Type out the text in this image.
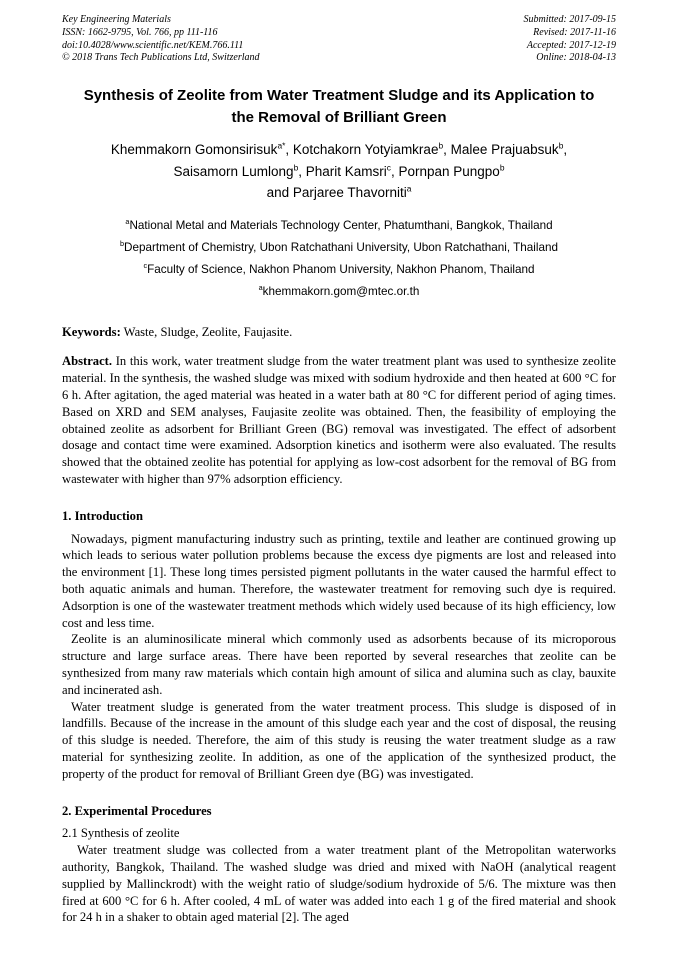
Key Engineering Materials
ISSN: 1662-9795, Vol. 766, pp 111-116
doi:10.4028/www.scientific.net/KEM.766.111
© 2018 Trans Tech Publications Ltd, Switzerland
Submitted: 2017-09-15
Revised: 2017-11-16
Accepted: 2017-12-19
Online: 2018-04-13
Synthesis of Zeolite from Water Treatment Sludge and its Application to
the Removal of Brilliant Green

Khemmakorn Gomonsirisuk$^{a*}$, Kotchakorn Yotyiamkrae$^b$, Malee Prajuabsuk$^b$,
Saisamorn Lumlong$^b$, Pharit Kamsri$^c$, Pornpan Pungpo$^b$
and Parjaree Thavorniti$^a$

$^a$National Metal and Materials Technology Center, Phatumthani, Bangkok, Thailand
$^b$Department of Chemistry, Ubon Ratchathani University, Ubon Ratchathani, Thailand
$^c$Faculty of Science, Nakhon Phanom University, Nakhon Phanom, Thailand
$^a$khemmakorn.gom@mtec.or.th

Keywords: Waste, Sludge, Zeolite, Faujasite.

Abstract. In this work, water treatment sludge from the water treatment plant was used to synthesize zeolite material. In the synthesis, the washed sludge was mixed with sodium hydroxide and then heated at 600 °C for 6 h. After agitation, the aged material was heated in a water bath at 80 °C for different period of aging times. Based on XRD and SEM analyses, Faujasite zeolite was obtained. Then, the feasibility of employing the obtained zeolite as adsorbent for Brilliant Green (BG) removal was investigated. The effect of adsorbent dosage and contact time were examined. Adsorption kinetics and isotherm were also evaluated. The results showed that the obtained zeolite has potential for applying as low-cost adsorbent for the removal of BG from wastewater with higher than 97% adsorption efficiency.

1. Introduction

Nowadays, pigment manufacturing industry such as printing, textile and leather are continued growing up which leads to serious water pollution problems because the excess dye pigments are lost and released into the environment [1]. These long times persisted pigment pollutants in the water caused the harmful effect to both aquatic animals and human. Therefore, the wastewater treatment for removing such dye is required. Adsorption is one of the wastewater treatment methods which widely used because of its high efficiency, low cost and less time.

Zeolite is an aluminosilicate mineral which commonly used as adsorbents because of its microporous structure and large surface areas. There have been reported by several researches that zeolite can be synthesized from many raw materials which contain high amount of silica and alumina such as clay, bauxite and incinerated ash.

Water treatment sludge is generated from the water treatment process. This sludge is disposed of in landfills. Because of the increase in the amount of this sludge each year and the cost of disposal, the reusing of this sludge is needed. Therefore, the aim of this study is reusing the water treatment sludge as a raw material for synthesizing zeolite. In addition, as one of the application of the synthesized product, the property of the product for removal of Brilliant Green dye (BG) was investigated.

2. Experimental Procedures

2.1 Synthesis of zeolite

Water treatment sludge was collected from a water treatment plant of the Metropolitan waterworks authority, Bangkok, Thailand. The washed sludge was dried and mixed with NaOH (analytical reagent supplied by Mallinckrodt) with the weight ratio of sludge/sodium hydroxide of 5/6. The mixture was then fired at 600 °C for 6 h. After cooled, 4 mL of water was added into each 1 g of the fired material and shook for 24 h in a shaker to obtain aged material [2]. The aged
